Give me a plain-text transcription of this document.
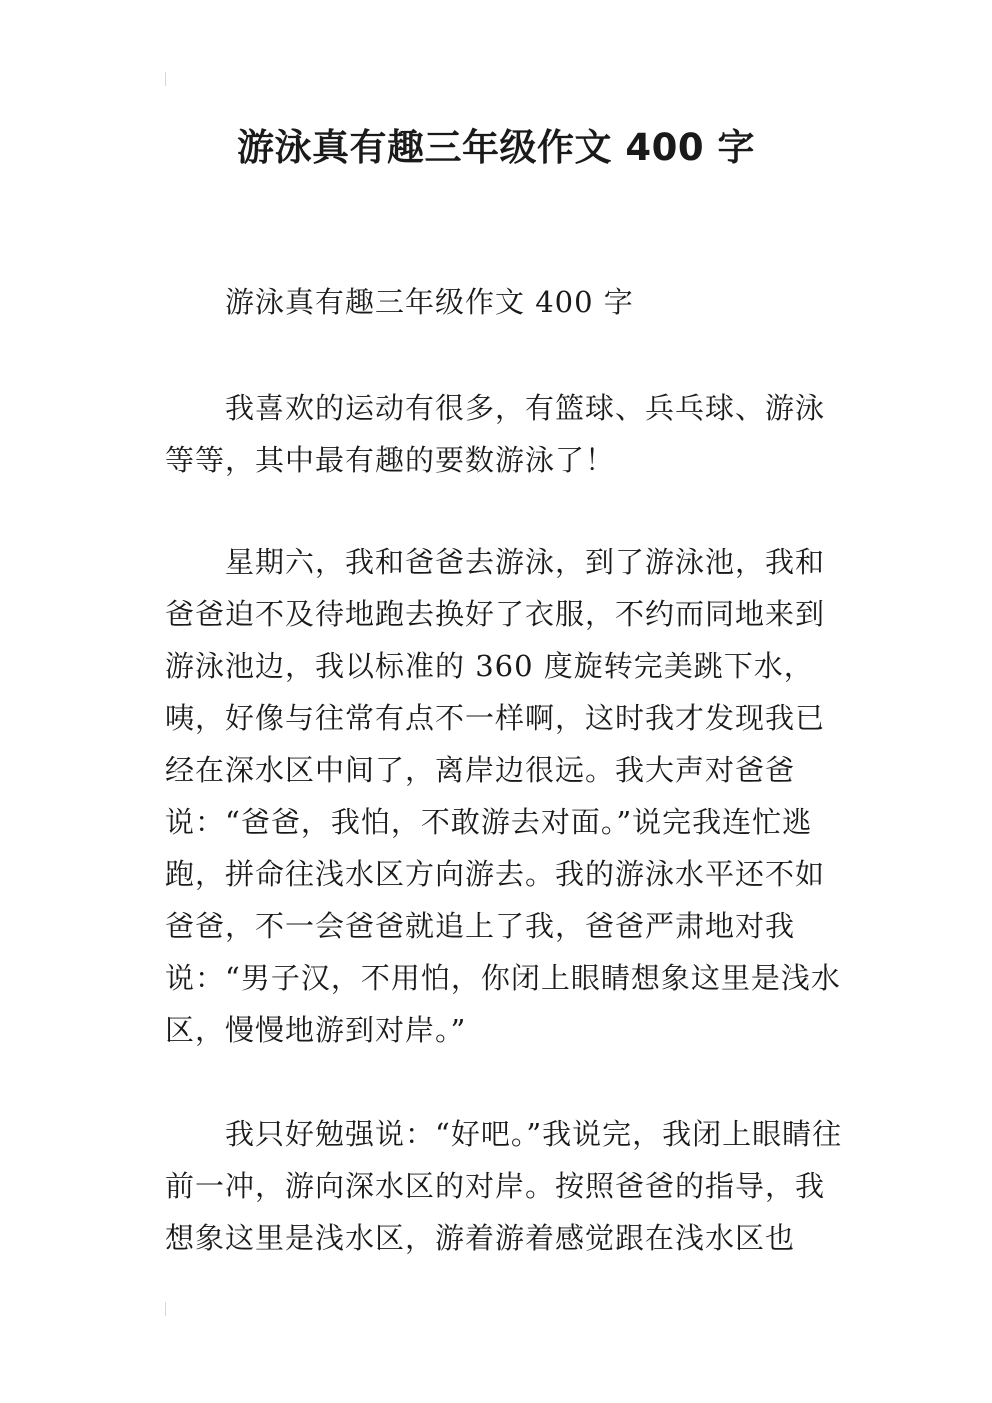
游泳真有趣三年级作文 400 字

游泳真有趣三年级作文 400 字

我喜欢的运动有很多，有篮球、兵乓球、游泳等等，其中最有趣的要数游泳了！

星期六，我和爸爸去游泳，到了游泳池，我和爸爸迫不及待地跑去换好了衣服，不约而同地来到游泳池边，我以标准的 360 度旋转完美跳下水，咦，好像与往常有点不一样啊，这时我才发现我已经在深水区中间了，离岸边很远。我大声对爸爸说：“爸爸，我怕，不敢游去对面。”说完我连忙逃跑，拼命往浅水区方向游去。我的游泳水平还不如爸爸，不一会爸爸就追上了我，爸爸严肃地对我说：“男子汉，不用怕，你闭上眼睛想象这里是浅水区，慢慢地游到对岸。”

我只好勉强说：“好吧。”我说完，我闭上眼睛往前一冲，游向深水区的对岸。按照爸爸的指导，我想象这里是浅水区，游着游着感觉跟在浅水区也
